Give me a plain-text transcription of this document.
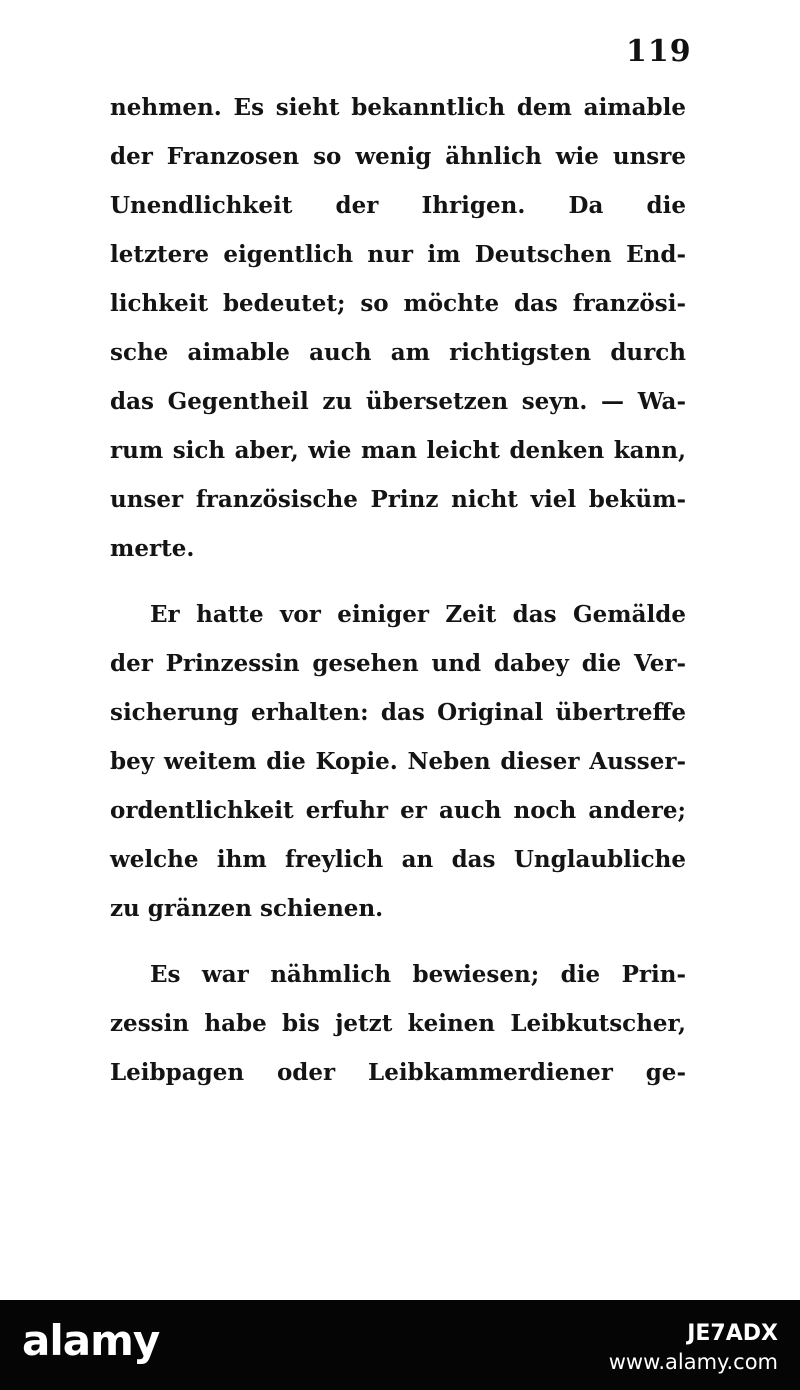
119
nehmen. Es sieht bekanntlich dem aimable
der Franzosen so wenig ähnlich wie unsre
Unendlichkeit der Ihrigen. Da die
letztere eigentlich nur im Deutschen End-
lichkeit bedeutet; so möchte das französi-
sche aimable auch am richtigsten durch
das Gegentheil zu übersetzen seyn. — Wa-
rum sich aber, wie man leicht denken kann,
unser französische Prinz nicht viel beküm-
merte.
Er hatte vor einiger Zeit das Gemälde
der Prinzessin gesehen und dabey die Ver-
sicherung erhalten: das Original übertreffe
bey weitem die Kopie. Neben dieser Ausser-
ordentlichkeit erfuhr er auch noch andere;
welche ihm freylich an das Unglaubliche
zu gränzen schienen.
Es war nähmlich bewiesen; die Prin-
zessin habe bis jetzt keinen Leibkutscher,
Leibpagen oder Leibkammerdiener ge-
alamy	JE7ADX
www.alamy.com
